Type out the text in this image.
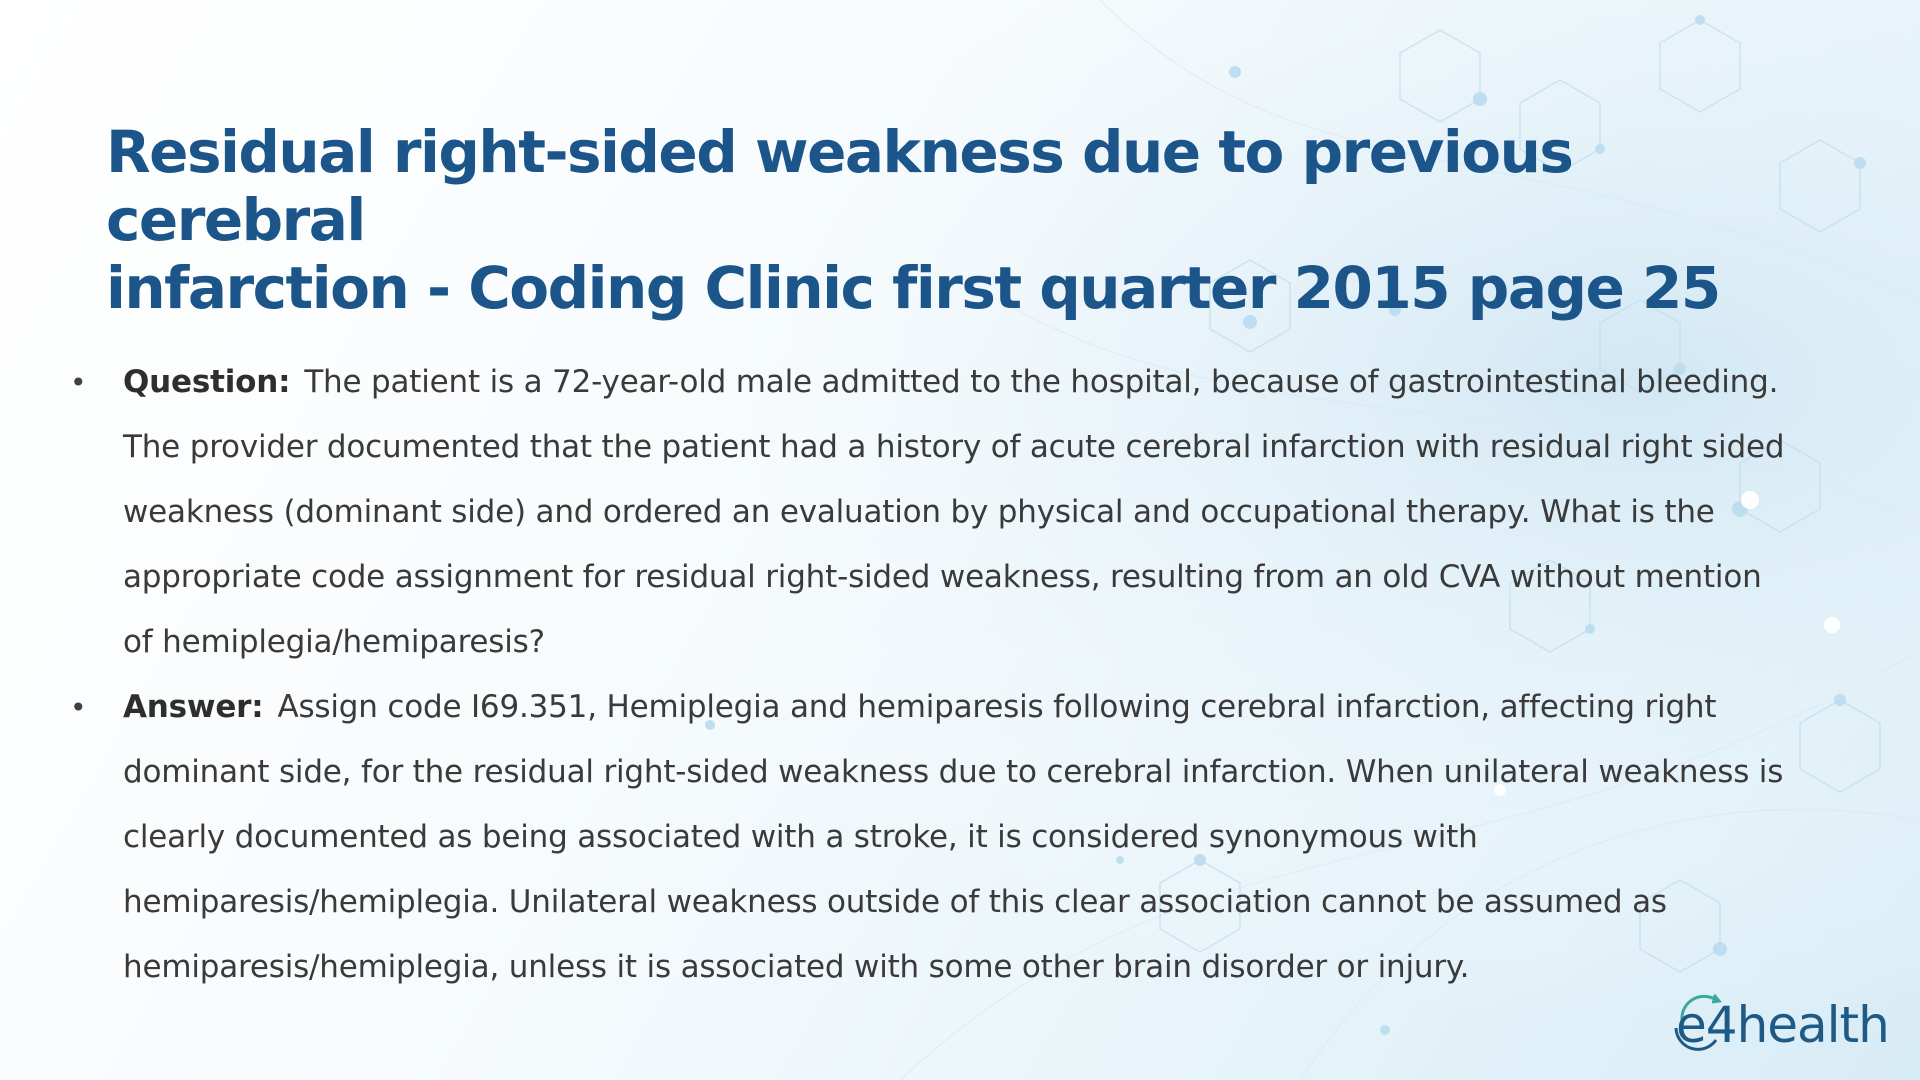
Residual right-sided weakness due to previous cerebral
infarction - Coding Clinic first quarter 2015 page 25
•	Question: The patient is a 72-year-old male admitted to the hospital, because of gastrointestinal bleeding. The provider documented that the patient had a history of acute cerebral infarction with residual right sided weakness (dominant side) and ordered an evaluation by physical and occupational therapy. What is the appropriate code assignment for residual right-sided weakness, resulting from an old CVA without mention of hemiplegia/hemiparesis?
•	Answer: Assign code I69.351, Hemiplegia and hemiparesis following cerebral infarction, affecting right dominant side, for the residual right-sided weakness due to cerebral infarction. When unilateral weakness is clearly documented as being associated with a stroke, it is considered synonymous with hemiparesis/hemiplegia. Unilateral weakness outside of this clear association cannot be assumed as hemiparesis/hemiplegia, unless it is associated with some other brain disorder or injury.
e4health
